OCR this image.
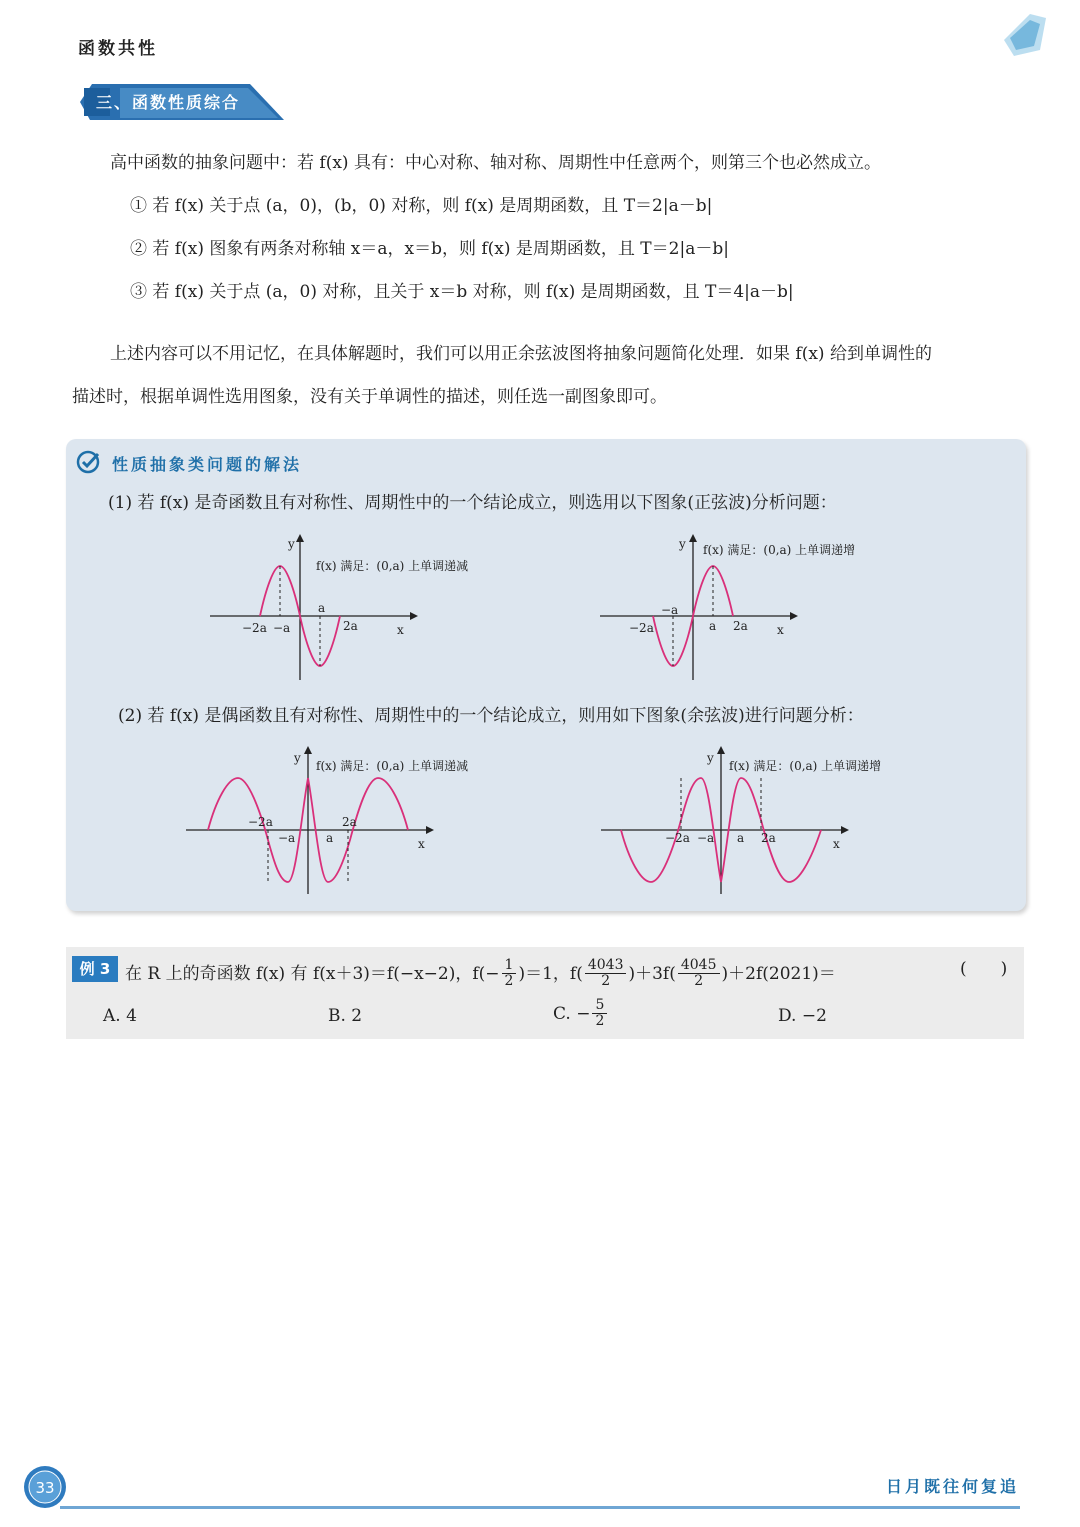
函数共性
三、函数性质综合
高中函数的抽象问题中：若 f(x) 具有：中心对称、轴对称、周期性中任意两个，则第三个也必然成立。
① 若 f(x) 关于点 (a，0)，(b，0) 对称，则 f(x) 是周期函数，且 T＝2|a－b|
② 若 f(x) 图象有两条对称轴 x＝a，x＝b，则 f(x) 是周期函数，且 T＝2|a－b|
③ 若 f(x) 关于点 (a，0) 对称，且关于 x＝b 对称，则 f(x) 是周期函数，且 T＝4|a－b|
上述内容可以不用记忆，在具体解题时，我们可以用正余弦波图将抽象问题简化处理．如果 f(x) 给到单调性的
描述时，根据单调性选用图象，没有关于单调性的描述，则任选一副图象即可。
性质抽象类问题的解法
(1) 若 f(x) 是奇函数且有对称性、周期性中的一个结论成立，则选用以下图象(正弦波)分析问题：
(2) 若 f(x) 是偶函数且有对称性、周期性中的一个结论成立，则用如下图象(余弦波)进行问题分析：
y
x
−2a −a
a
2a
f(x) 满足：(0,a) 上单调递减
y
x
−2a
−a
a 2a
f(x) 满足：(0,a) 上单调递增
y
x
−2a
−a	a
2a
f(x) 满足：(0,a) 上单调递减
y
x
−2a −a a 2a
f(x) 满足：(0,a) 上单调递增
例 3 在 R 上的奇函数 f(x) 有 f(x＋3)＝f(−x−2)，$f(- \frac{1}{2} )=1$，$f( \frac{4043}{2} )+3f( \frac{4045}{2} )+2f(2021)=$	(　　)
A. 4	B. 2	C. − $\frac{5}{2}$	D. −2
33	日月既往何复追
